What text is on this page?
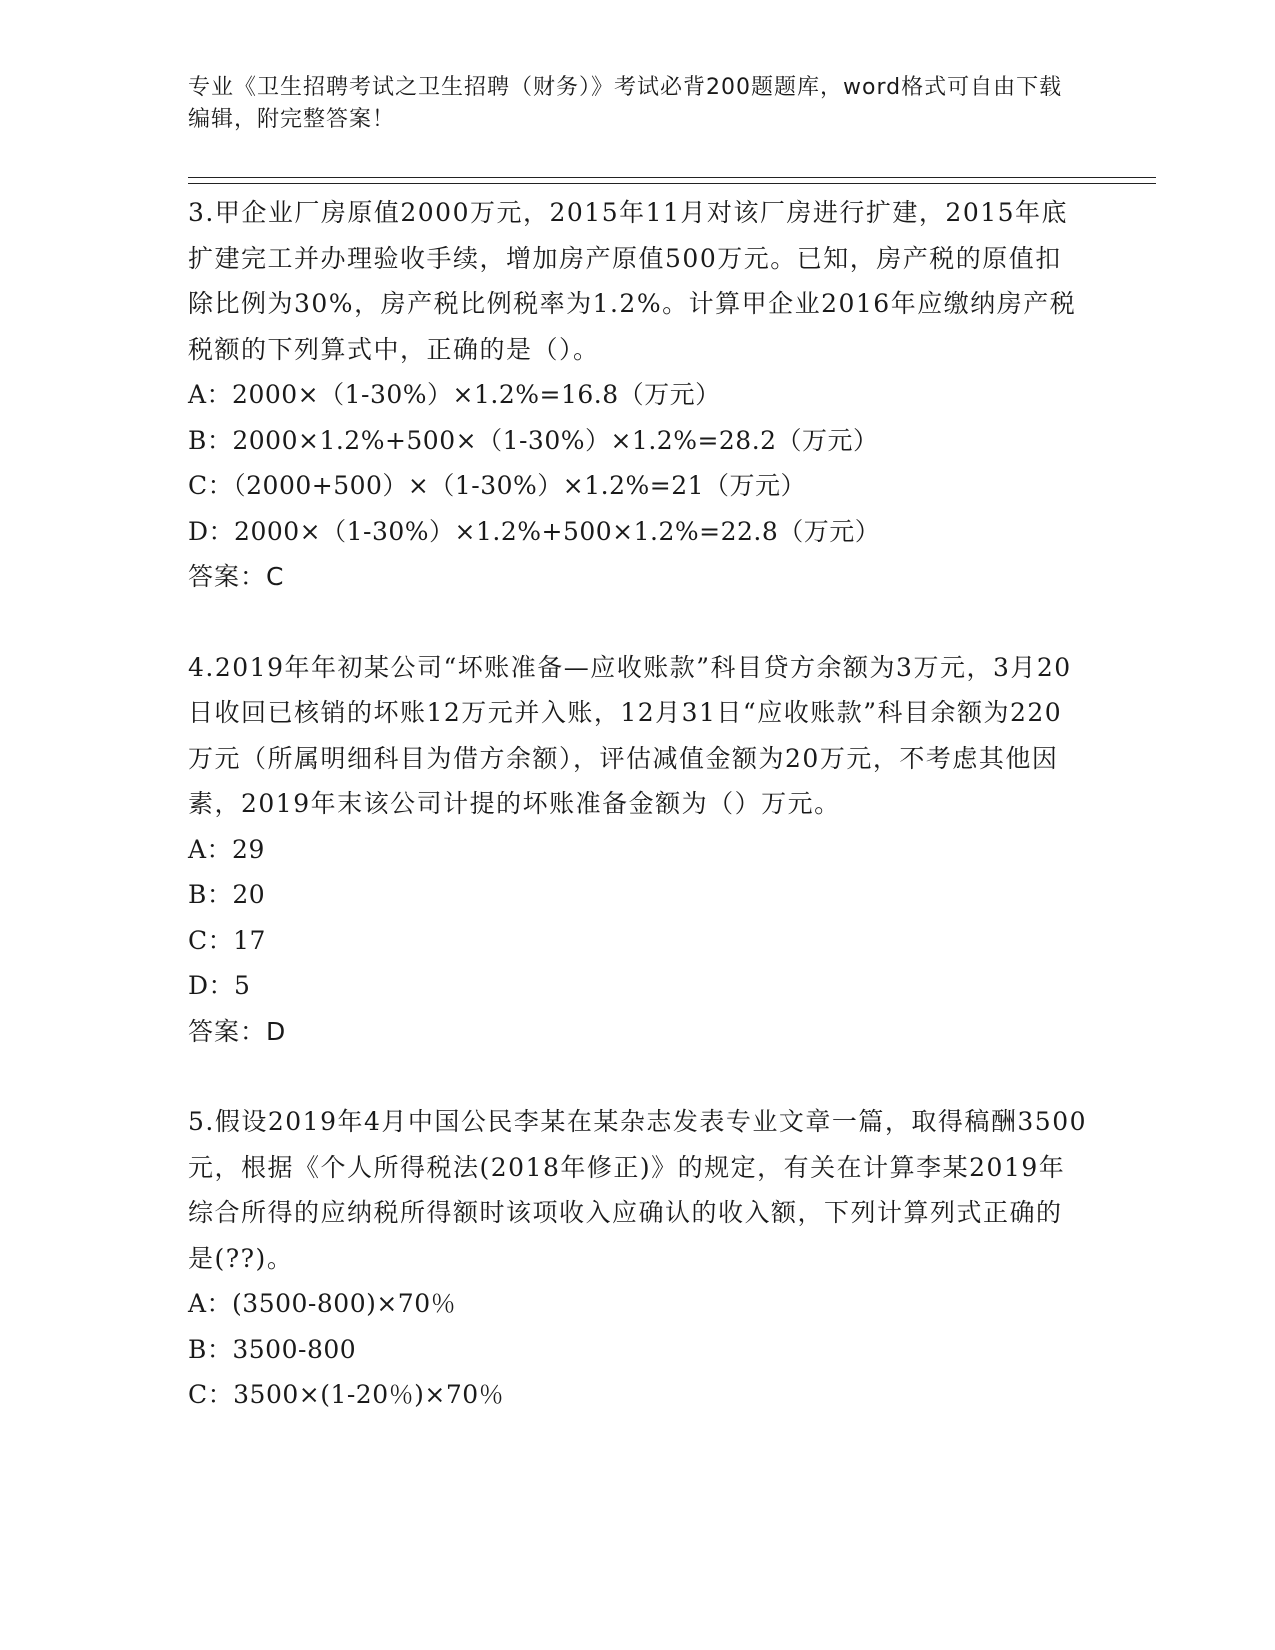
专业《卫生招聘考试之卫生招聘（财务）》考试必背200题题库，word格式可自由下载编辑，附完整答案！

3.甲企业厂房原值2000万元，2015年11月对该厂房进行扩建，2015年底扩建完工并办理验收手续，增加房产原值500万元。已知，房产税的原值扣除比例为30%，房产税比例税率为1.2%。计算甲企业2016年应缴纳房产税税额的下列算式中，正确的是（）。

A：2000×（1-30%）×1.2%=16.8（万元）

B：2000×1.2%+500×（1-30%）×1.2%=28.2（万元）

C：（2000+500）×（1-30%）×1.2%=21（万元）

D：2000×（1-30%）×1.2%+500×1.2%=22.8（万元）

答案：C

4.2019年年初某公司“坏账准备—应收账款”科目贷方余额为3万元，3月20日收回已核销的坏账12万元并入账，12月31日“应收账款”科目余额为220万元（所属明细科目为借方余额），评估减值金额为20万元，不考虑其他因素，2019年末该公司计提的坏账准备金额为（）万元。

A：29

B：20

C：17

D：5

答案：D

5.假设2019年4月中国公民李某在某杂志发表专业文章一篇，取得稿酬3500元，根据《个人所得税法(2018年修正)》的规定，有关在计算李某2019年综合所得的应纳税所得额时该项收入应确认的收入额，下列计算列式正确的是(??)。

A：(3500-800)×70％

B：3500-800

C：3500×(1-20％)×70％
